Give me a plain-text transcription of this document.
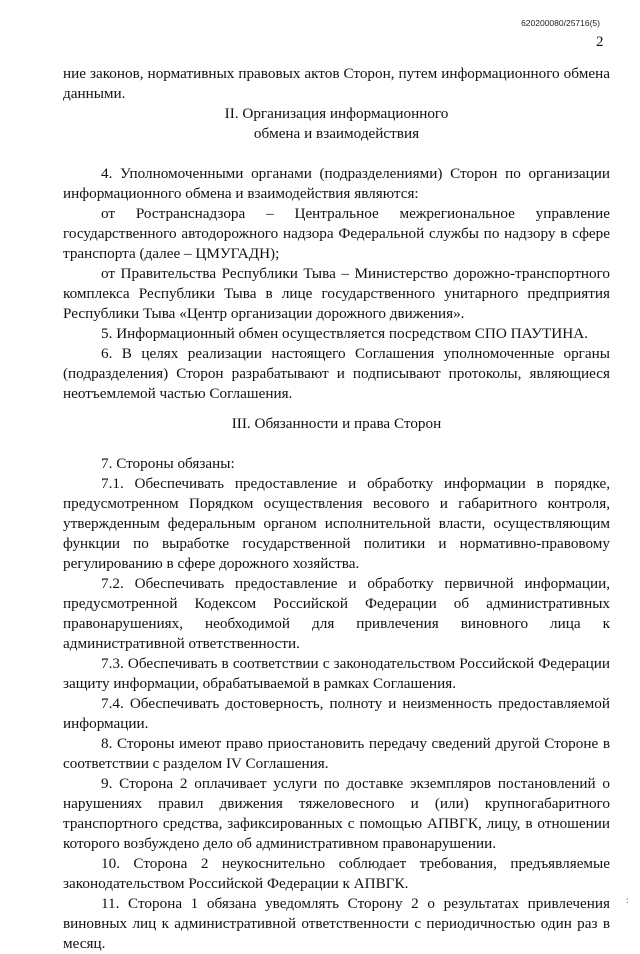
620200080/25716(5)
2

ние законов, нормативных правовых актов Сторон, путем информационного обмена данными.

II. Организация информационного
обмена и взаимодействия

4. Уполномоченными органами (подразделениями) Сторон по организации информационного обмена и взаимодействия являются:

от Ространснадзора – Центральное межрегиональное управление государственного автодорожного надзора Федеральной службы по надзору в сфере транспорта (далее – ЦМУГАДН);

от Правительства Республики Тыва – Министерство дорожно-транспортного комплекса Республики Тыва в лице государственного унитарного предприятия Республики Тыва «Центр организации дорожного движения».

5. Информационный обмен осуществляется посредством СПО ПАУТИНА.

6. В целях реализации настоящего Соглашения уполномоченные органы (подразделения) Сторон разрабатывают и подписывают протоколы, являющиеся неотъемлемой частью Соглашения.

III. Обязанности и права Сторон

7. Стороны обязаны:

7.1. Обеспечивать предоставление и обработку информации в порядке, предусмотренном Порядком осуществления весового и габаритного контроля, утвержденным федеральным органом исполнительной власти, осуществляющим функции по выработке государственной политики и нормативно-правовому регулированию в сфере дорожного хозяйства.

7.2. Обеспечивать предоставление и обработку первичной информации, предусмотренной Кодексом Российской Федерации об административных правонарушениях, необходимой для привлечения виновного лица к административной ответственности.

7.3. Обеспечивать в соответствии с законодательством Российской Федерации защиту информации, обрабатываемой в рамках Соглашения.

7.4. Обеспечивать достоверность, полноту и неизменность предоставляемой информации.

8. Стороны имеют право приостановить передачу сведений другой Стороне в соответствии с разделом IV Соглашения.

9. Сторона 2 оплачивает услуги по доставке экземпляров постановлений о нарушениях правил движения тяжеловесного и (или) крупногабаритного транспортного средства, зафиксированных с помощью АПВГК, лицу, в отношении которого возбуждено дело об административном правонарушении.

10. Сторона 2 неукоснительно соблюдает требования, предъявляемые законодательством Российской Федерации к АПВГК.

11. Сторона 1 обязана уведомлять Сторону 2 о результатах привлечения виновных лиц к административной ответственности с периодичностью один раз в месяц.

:
